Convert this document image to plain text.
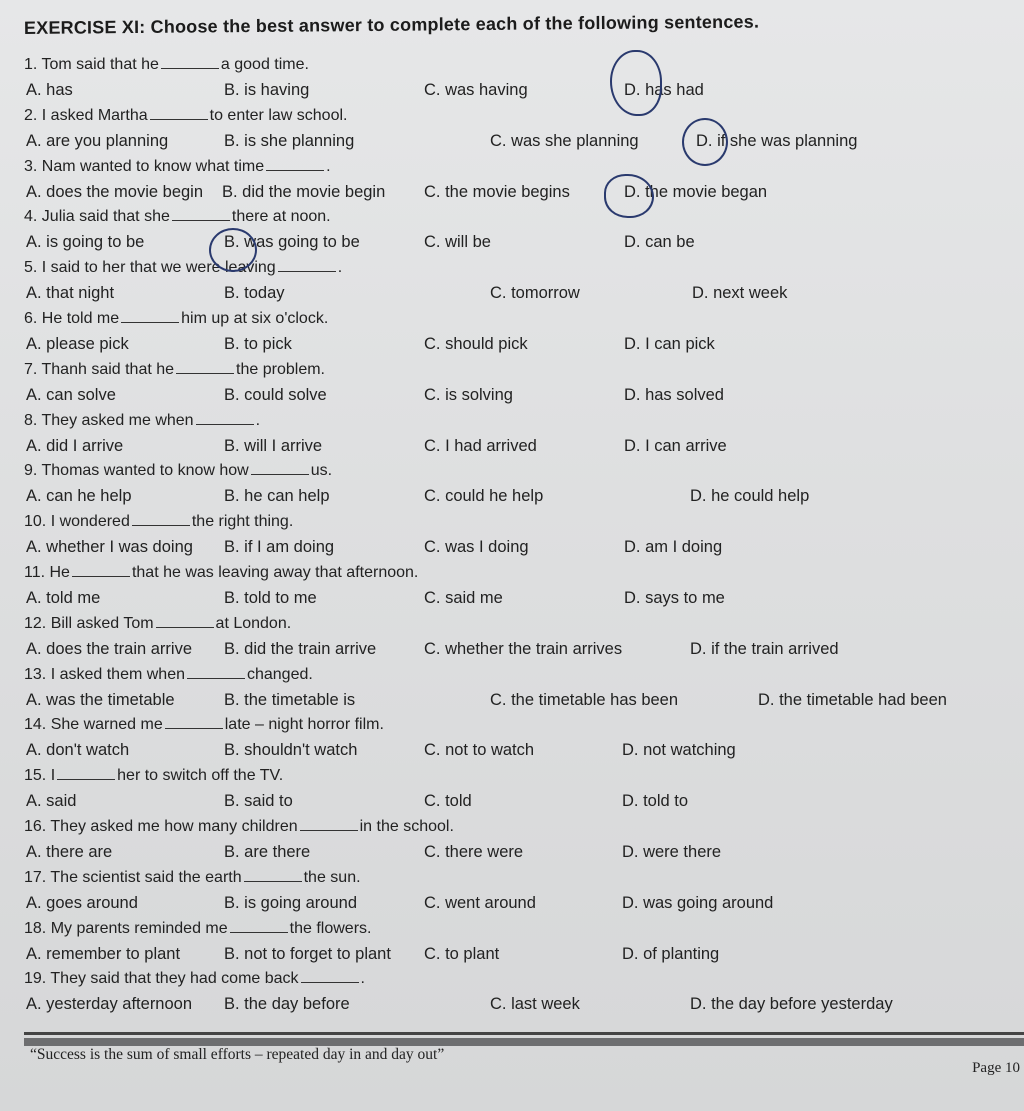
EXERCISE XI: Choose the best answer to complete each of the following sentences.
1. Tom said that he	a good time.
A. has	B. is having	C. was having	D. has had
2. I asked Martha	to enter law school.
A. are you planning	B. is she planning	C. was she planning	D. if she was planning
3. Nam wanted to know what time	.
A. does the movie begin B. did the movie begin C. the movie begins	D. the movie began
4. Julia said that she	there at noon.
A. is going to be	B. was going to be	C. will be	D. can be
5. I said to her that we were leaving	.
A. that night	B. today	C. tomorrow	D. next week
6. He told me	him up at six o'clock.
A. please pick	B. to pick	C. should pick	D. I can pick
7. Thanh said that he	the problem.
A. can solve	B. could solve	C. is solving	D. has solved
8. They asked me when	.
A. did I arrive	B. will I arrive	C. I had arrived	D. I can arrive
9. Thomas wanted to know how	us.
A. can he help	B. he can help	C. could he help	D. he could help
10. I wondered	the right thing.
A. whether I was doing B. if I am doing	C. was I doing	D. am I doing
11. He	that he was leaving away that afternoon.
A. told me	B. told to me	C. said me	D. says to me
12. Bill asked Tom	at London.
A. does the train arrive B. did the train arrive	C. whether the train arrives	D. if the train arrived
13. I asked them when	changed.
A. was the timetable	B. the timetable is	C. the timetable has been	D. the timetable had been
14. She warned me	late – night horror film.
A. don't watch	B. shouldn't watch	C. not to watch	D. not watching
15. I	her to switch off the TV.
A. said	B. said to	C. told	D. told to
16. They asked me how many children	in the school.
A. there are	B. are there	C. there were	D. were there
17. The scientist said the earth	the sun.
A. goes around	B. is going around	C. went around	D. was going around
18. My parents reminded me	the flowers.
A. remember to plant	B. not to forget to plant C. to plant	D. of planting
19. They said that they had come back	.
A. yesterday afternoon B. the day before	C. last week	D. the day before yesterday
“Success is the sum of small efforts – repeated day in and day out”
Page 10
